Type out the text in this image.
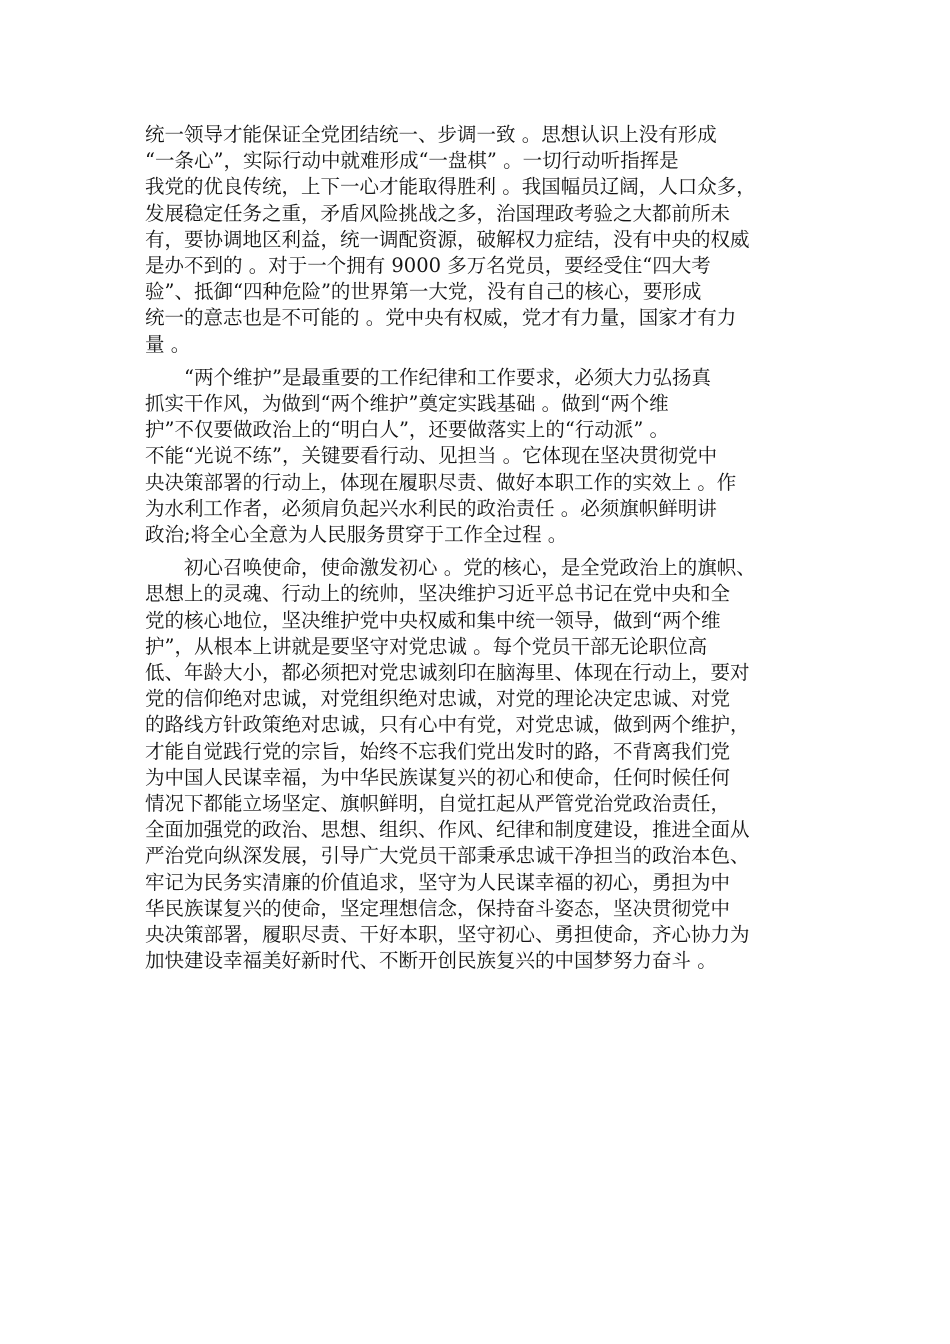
统一领导才能保证全党团结统一、步调一致 。思想认识上没有形成
“一条心”，实际行动中就难形成“一盘棋” 。一切行动听指挥是
我党的优良传统，上下一心才能取得胜利 。我国幅员辽阔，人口众多，
发展稳定任务之重，矛盾风险挑战之多，治国理政考验之大都前所未
有，要协调地区利益，统一调配资源，破解权力症结，没有中央的权威
是办不到的 。对于一个拥有 9000 多万名党员，要经受住“四大考
验”、抵御“四种危险”的世界第一大党，没有自己的核心，要形成
统一的意志也是不可能的 。党中央有权威，党才有力量，国家才有力
量 。
　　“两个维护”是最重要的工作纪律和工作要求，必须大力弘扬真
抓实干作风，为做到“两个维护”奠定实践基础 。做到“两个维
护”不仅要做政治上的“明白人”，还要做落实上的“行动派” 。
不能“光说不练”，关键要看行动、见担当 。它体现在坚决贯彻党中
央决策部署的行动上，体现在履职尽责、做好本职工作的实效上 。作
为水利工作者，必须肩负起兴水利民的政治责任 。必须旗帜鲜明讲
政治;将全心全意为人民服务贯穿于工作全过程 。
　　初心召唤使命，使命激发初心 。党的核心，是全党政治上的旗帜、
思想上的灵魂、行动上的统帅，坚决维护习近平总书记在党中央和全
党的核心地位，坚决维护党中央权威和集中统一领导，做到“两个维
护”，从根本上讲就是要坚守对党忠诚 。每个党员干部无论职位高
低、年龄大小，都必须把对党忠诚刻印在脑海里、体现在行动上，要对
党的信仰绝对忠诚，对党组织绝对忠诚，对党的理论决定忠诚、对党
的路线方针政策绝对忠诚，只有心中有党，对党忠诚，做到两个维护，
才能自觉践行党的宗旨，始终不忘我们党出发时的路，不背离我们党
为中国人民谋幸福，为中华民族谋复兴的初心和使命，任何时候任何
情况下都能立场坚定、旗帜鲜明，自觉扛起从严管党治党政治责任，
全面加强党的政治、思想、组织、作风、纪律和制度建设，推进全面从
严治党向纵深发展，引导广大党员干部秉承忠诚干净担当的政治本色、
牢记为民务实清廉的价值追求，坚守为人民谋幸福的初心，勇担为中
华民族谋复兴的使命，坚定理想信念，保持奋斗姿态，坚决贯彻党中
央决策部署，履职尽责、干好本职，坚守初心、勇担使命，齐心协力为
加快建设幸福美好新时代、不断开创民族复兴的中国梦努力奋斗 。
